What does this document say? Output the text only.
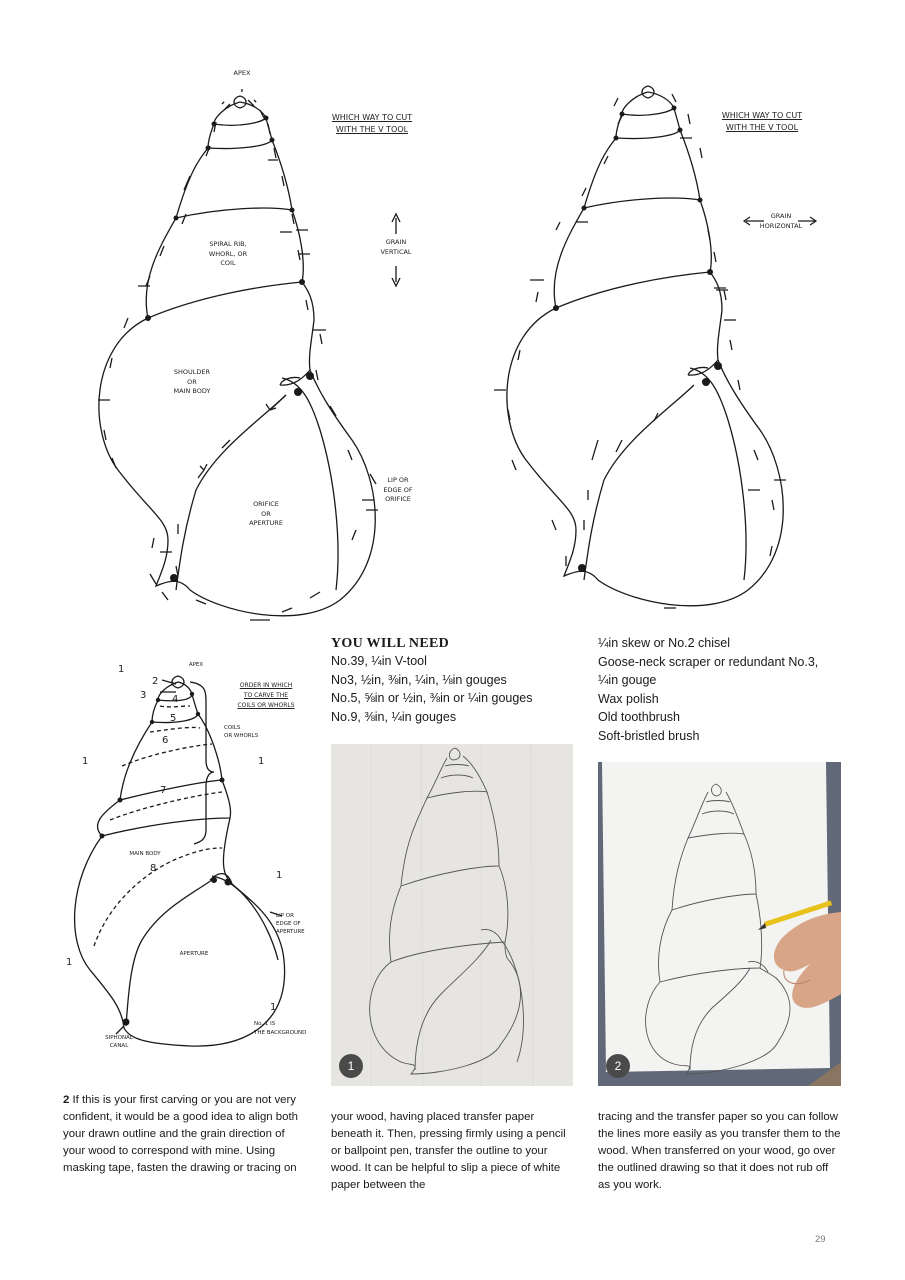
APEX
WHICH WAY TO CUT
WITH THE V TOOL
GRAIN
VERTICAL
SPIRAL RIB,
WHORL, OR
COIL
SHOULDER
OR
MAIN BODY
ORIFICE
OR
APERTURE
LIP OR
EDGE OF
ORIFICE
WHICH WAY TO CUT
WITH THE V TOOL
GRAIN
HORIZONTAL
APEX
ORDER IN WHICH
TO CARVE THE
COILS OR WHORLS
COILS
OR WHORLS
MAIN BODY
APERTURE
LIP OR
EDGE OF
APERTURE
SIPHONAL
CANAL
No. 1 IS
THE BACKGROUND
1
2
3	4
5
6
7
8
1	1
1
1
1
YOU WILL NEED
No.39, ¼in V-tool
No3, ½in, ⅜in, ¼in, ⅛in gouges
No.5, ⅝in or ½in, ⅜in or ¼in gouges
No.9, ⅜in, ¼in gouges
¼in skew or No.2 chisel
Goose-neck scraper or redundant No.3,
¼in gouge
Wax polish
Old toothbrush
Soft-bristled brush
1	2

2 If this is your first carving or you are not very confident, it would be a good idea to align both your drawn outline and the grain direction of your wood to correspond with mine. Using masking tape, fasten the drawing or tracing on

your wood, having placed transfer paper beneath it. Then, pressing firmly using a pencil or ballpoint pen, transfer the outline to your wood. It can be helpful to slip a piece of white paper between the

tracing and the transfer paper so you can follow the lines more easily as you transfer them to the wood. When transferred on your wood, go over the outlined drawing so that it does not rub off as you work.

29
